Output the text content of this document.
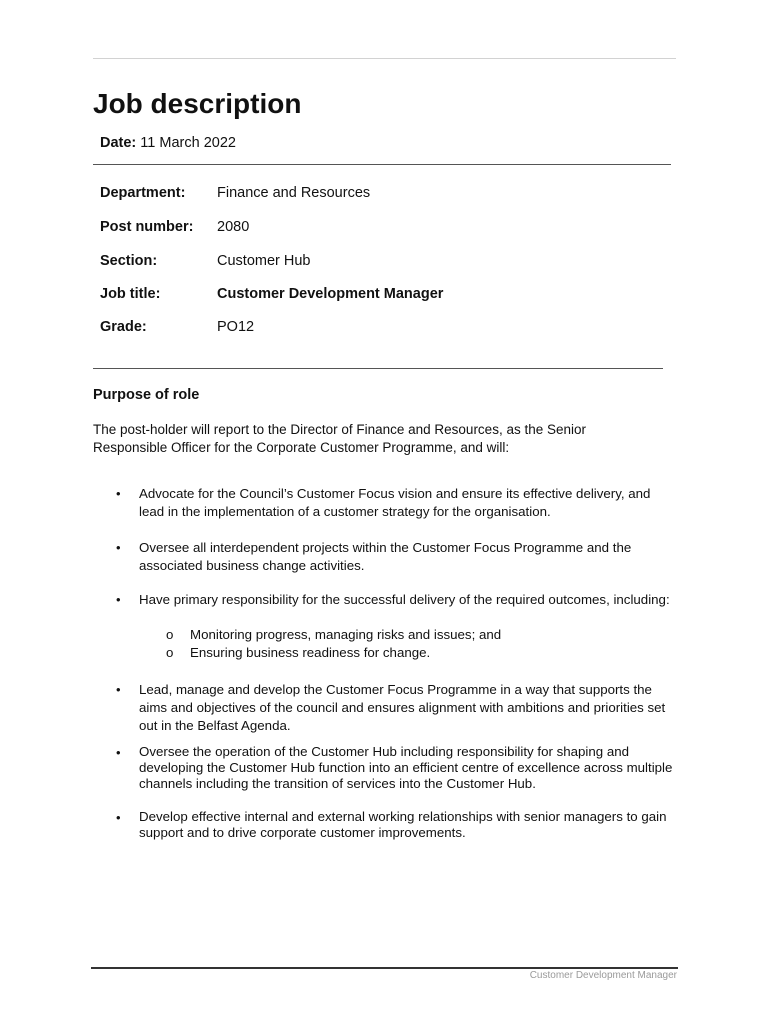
Job description
Date: 11 March 2022
Department: Finance and Resources
Post number: 2080
Section:	Customer Hub
Job title:	Customer Development Manager
Grade:	PO12
Purpose of role

The post-holder will report to the Director of Finance and Resources, as the Senior Responsible Officer for the Corporate Customer Programme, and will:

• Advocate for the Council’s Customer Focus vision and ensure its effective delivery, and lead in the implementation of a customer strategy for the organisation.
• Oversee all interdependent projects within the Customer Focus Programme and the associated business change activities.
• Have primary responsibility for the successful delivery of the required outcomes, including:
o Monitoring progress, managing risks and issues; and
o Ensuring business readiness for change.
• Lead, manage and develop the Customer Focus Programme in a way that supports the aims and objectives of the council and ensures alignment with ambitions and priorities set out in the Belfast Agenda.
• Oversee the operation of the Customer Hub including responsibility for shaping and developing the Customer Hub function into an efficient centre of excellence across multiple channels including the transition of services into the Customer Hub.
• Develop effective internal and external working relationships with senior managers to gain support and to drive corporate customer improvements.
Customer Development Manager
